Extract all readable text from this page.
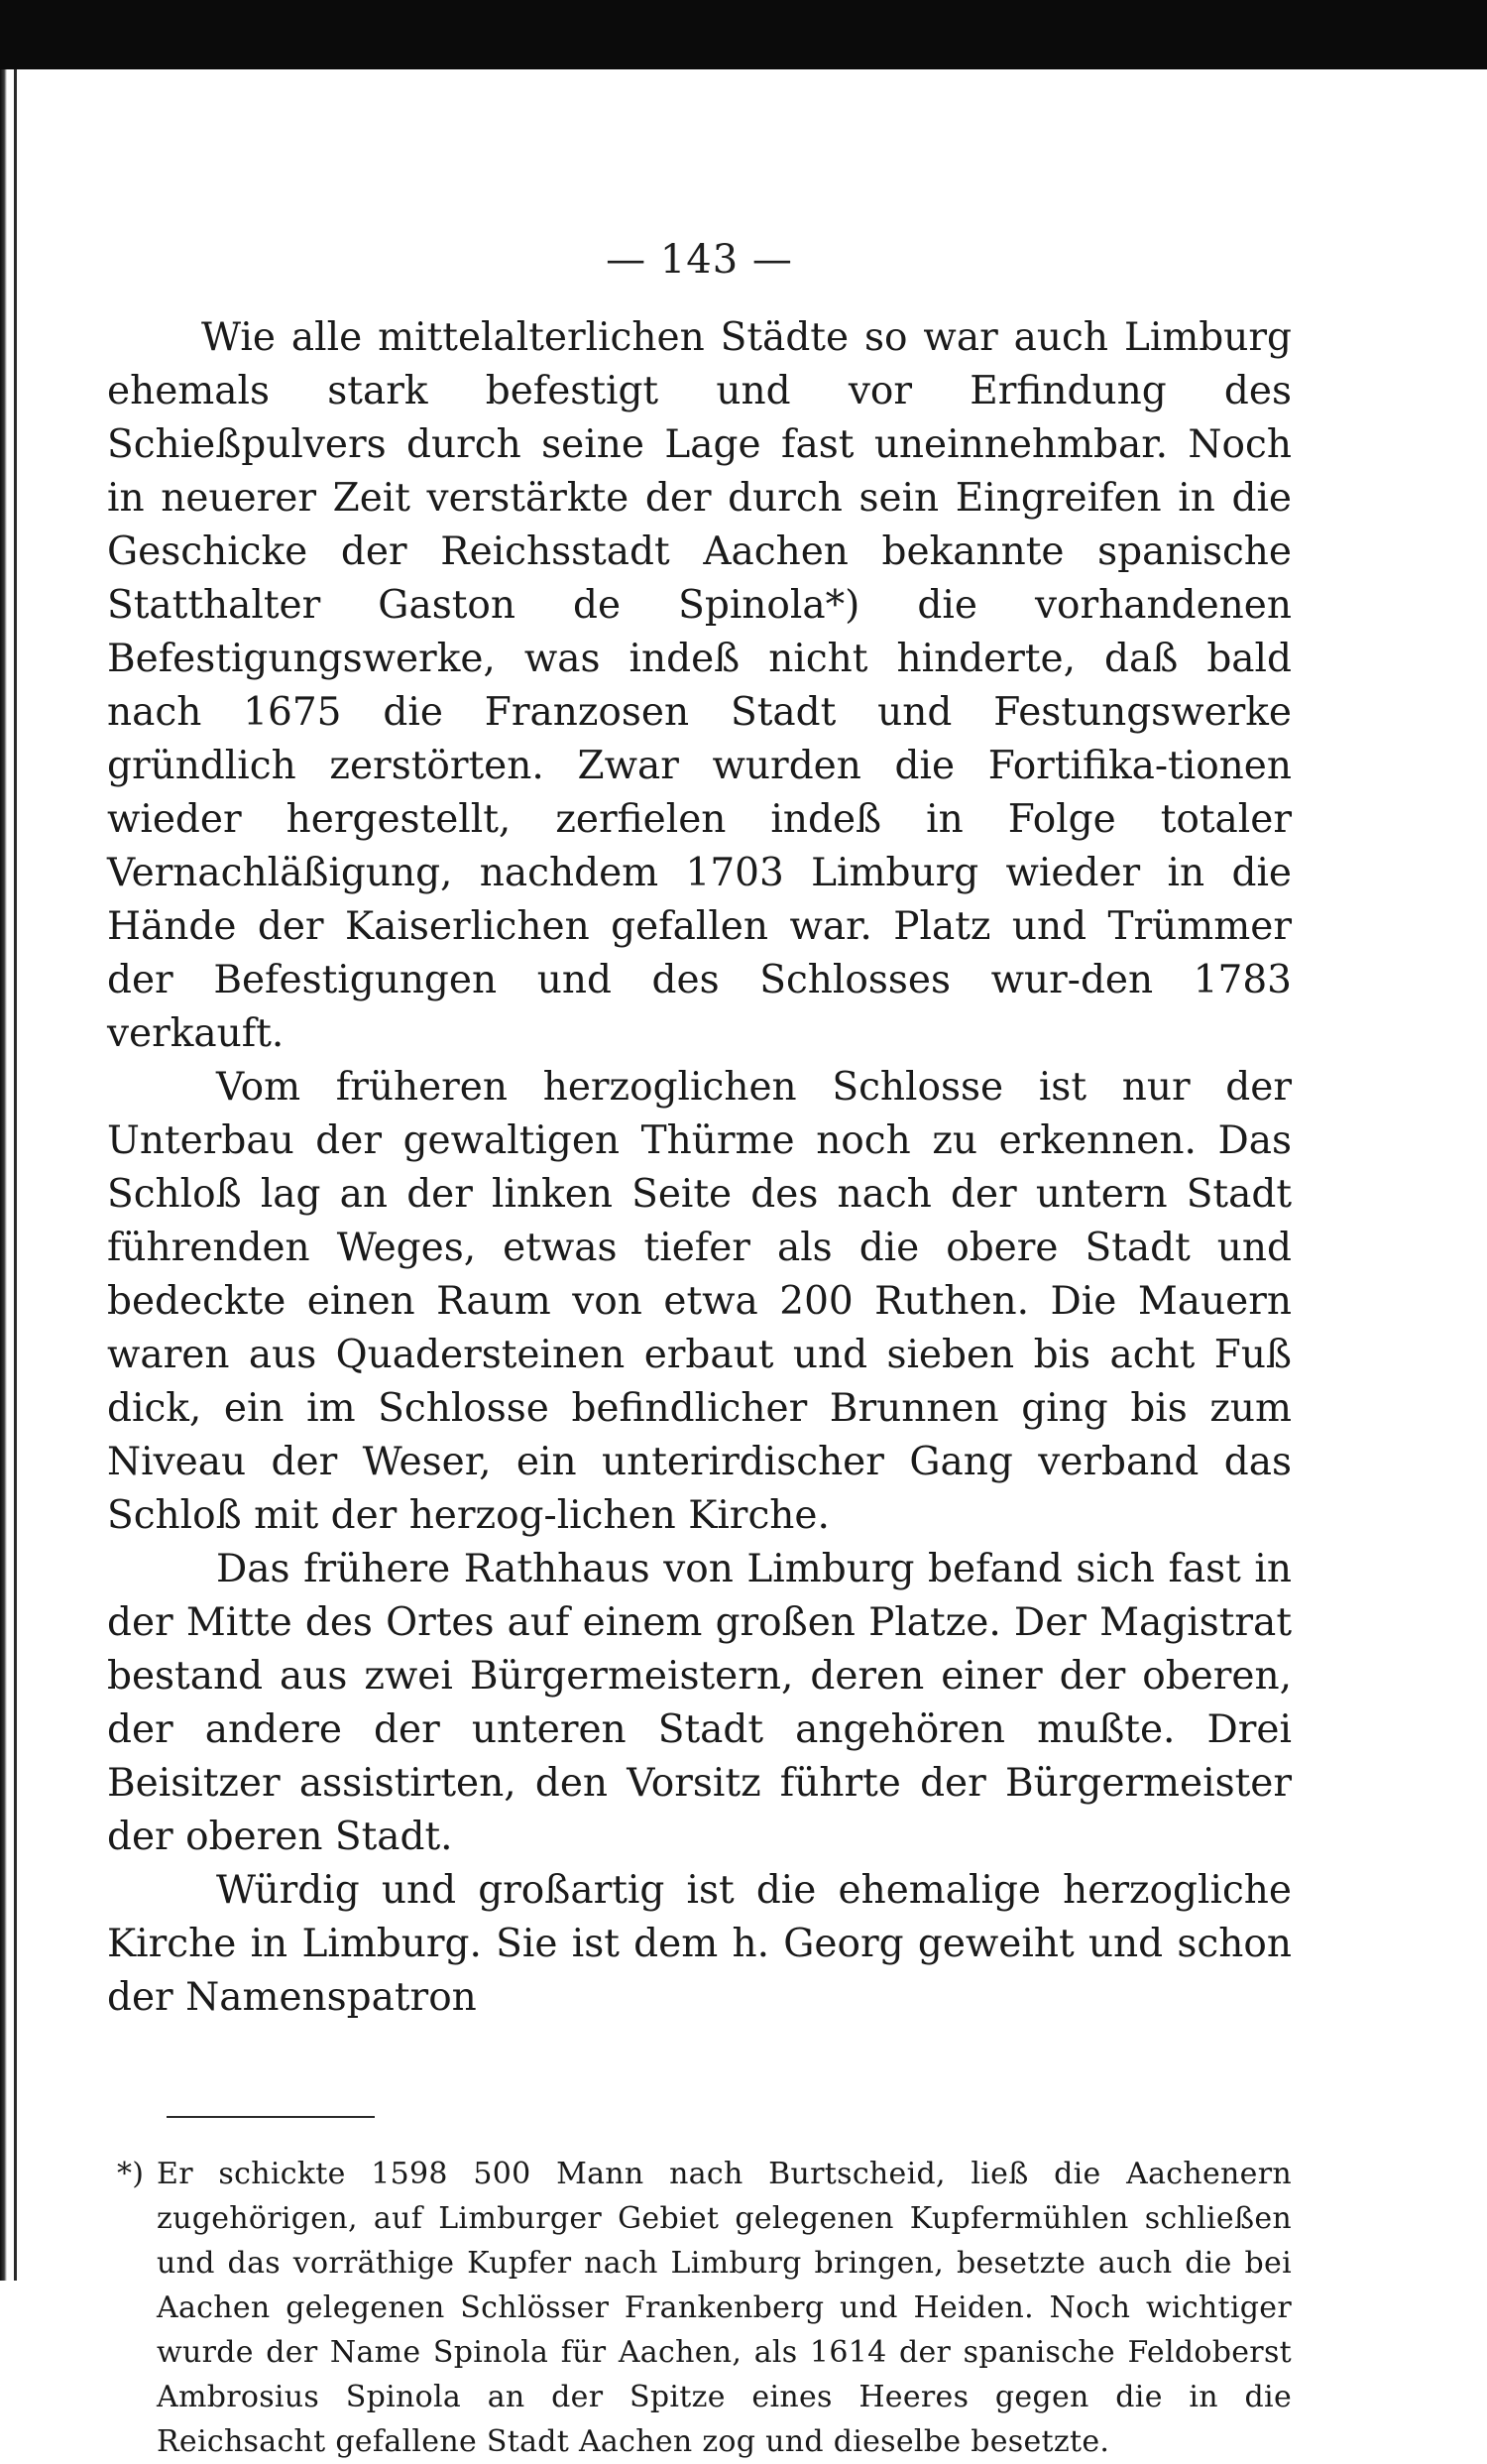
— 143 —

Wie alle mittelalterlichen Städte so war auch Limburg ehemals stark befestigt und vor Erfindung des Schießpulvers durch seine Lage fast uneinnehmbar. Noch in neuerer Zeit verstärkte der durch sein Eingreifen in die Geschicke der Reichsstadt Aachen bekannte spanische Statthalter Gaston de Spinola*) die vorhandenen Befestigungswerke, was indeß nicht hinderte, daß bald nach 1675 die Franzosen Stadt und Festungswerke gründlich zerstörten. Zwar wurden die Fortifika-tionen wieder hergestellt, zerfielen indeß in Folge totaler Vernachläßigung, nachdem 1703 Limburg wieder in die Hände der Kaiserlichen gefallen war. Platz und Trümmer der Befestigungen und des Schlosses wur-den 1783 verkauft.

Vom früheren herzoglichen Schlosse ist nur der Unterbau der gewaltigen Thürme noch zu erkennen. Das Schloß lag an der linken Seite des nach der untern Stadt führenden Weges, etwas tiefer als die obere Stadt und bedeckte einen Raum von etwa 200 Ruthen. Die Mauern waren aus Quadersteinen erbaut und sieben bis acht Fuß dick, ein im Schlosse befindlicher Brunnen ging bis zum Niveau der Weser, ein unterirdischer Gang verband das Schloß mit der herzog-lichen Kirche.

Das frühere Rathhaus von Limburg befand sich fast in der Mitte des Ortes auf einem großen Platze. Der Magistrat bestand aus zwei Bürgermeistern, deren einer der oberen, der andere der unteren Stadt angehören mußte. Drei Beisitzer assistirten, den Vorsitz führte der Bürgermeister der oberen Stadt.

Würdig und großartig ist die ehemalige herzogliche Kirche in Limburg. Sie ist dem h. Georg geweiht und schon der Namenspatron

*) Er schickte 1598 500 Mann nach Burtscheid, ließ die Aachenern zugehörigen, auf Limburger Gebiet gelegenen Kupfermühlen schließen und das vorräthige Kupfer nach Limburg bringen, besetzte auch die bei Aachen gelegenen Schlösser Frankenberg und Heiden. Noch wichtiger wurde der Name Spinola für Aachen, als 1614 der spanische Feldoberst Ambrosius Spinola an der Spitze eines Heeres gegen die in die Reichsacht gefallene Stadt Aachen zog und dieselbe besetzte.
